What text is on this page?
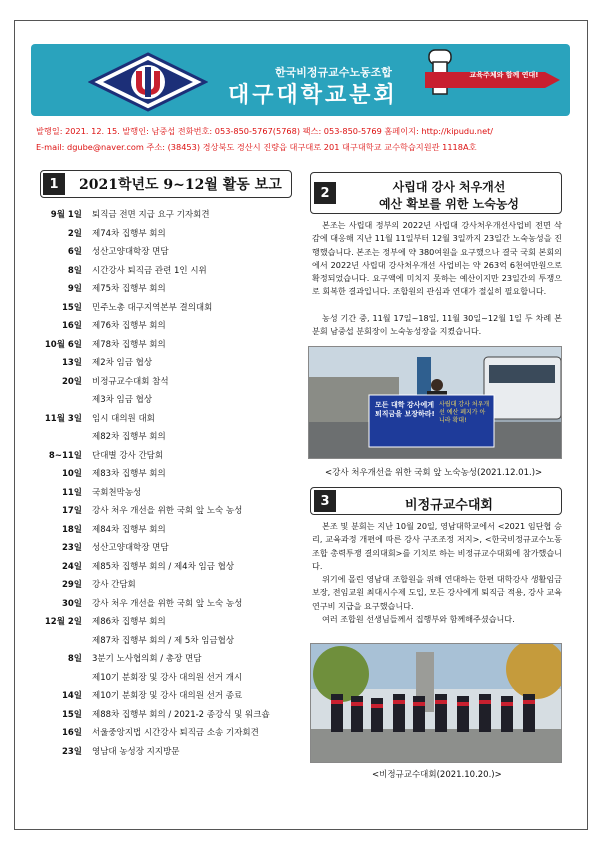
한국비정규교수노동조합
대구대학교분회
교육주체와 함께 연대!
발행일: 2021. 12. 15. 발행인: 남중섭 전화번호: 053-850-5767(5768) 팩스: 053-850-5769 홈페이지: http://kipudu.net/
E-mail: dgube@naver.com 주소: (38453) 경상북도 경산시 진량읍 대구대로 201 대구대학교 교수학습지원관 1118A호
1	2021학년도 9~12월 활동 보고
9월 1일 퇴직금 전면 지급 요구 기자회견
2일 제74차 집행부 회의
6일 성산고양대학장 면담
8일 시간강사 퇴직금 관련 1인 시위
9일 제75차 집행부 회의
15일 민주노총 대구지역본부 결의대회
16일 제76차 집행부 회의
10월 6일 제78차 집행부 회의
13일 제2차 임금 협상
20일 비정규교수대회 참석
제3차 임금 협상
11월 3일 임시 대의원 대회
제82차 집행부 회의
8~11일 단대별 강사 간담회
10일 제83차 집행부 회의
11일 국회천막농성
17일 강사 처우 개선을 위한 국회 앞 노숙 농성
18일 제84차 집행부 회의
23일 성산고양대학장 면담
24일 제85차 집행부 회의 / 제4차 임금 협상
29일 강사 간담회
30일 강사 처우 개선을 위한 국회 앞 노숙 농성
12월 2일 제86차 집행부 회의
제87차 집행부 회의 / 제 5차 임금협상
8일 3분기 노사협의회 / 총장 면담
제10기 분회장 및 강사 대의원 선거 개시
14일 제10기 분회장 및 강사 대의원 선거 종료
15일 제88차 집행부 회의 / 2021-2 종강식 및 워크숍
16일 서울중앙지법 시간강사 퇴직금 소송 기자회견
23일 영남대 농성장 지지방문
2	사립대 강사 처우개선
예산 확보를 위한 노숙농성
본조는 사립대 정부의 2022년 사립대 강사처우개선사업비 전면 삭감에 대응해 지난 11월 11일부터 12월 3일까지 23일간 노숙농성을 진행했습니다. 본조는 정부에 약 380여원을 요구했으나 결국 국회 본회의에서 2022년 사립대 강사처우개선 사업비는 약 263억 6천여만원으로 확정되었습니다. 요구액에 미치지 못하는 예산이지만 23일간의 투쟁으로 회복한 결과입니다. 조합원의 관심과 연대가 절실히 필요합니다.
농성 기간 중, 11월 17일~18일, 11월 30일~12월 1일 두 차례 본 분회 남중섭 분회장이 노숙농성장을 지켰습니다.
모든 대학 강사에게 퇴직금을 보장하라!
사립대 강사 처우개선 예산 폐지가 아니라 확대!
<강사 처우개선을 위한 국회 앞 노숙농성(2021.12.01.)>
3	비정규교수대회
본조 및 분회는 지난 10월 20일, 영남대학교에서 <2021 임단협 승리, 교육과정 개편에 따른 강사 구조조정 저지>, <한국비정규교수노동조합 총력투쟁 결의대회>를 기치로 하는 비정규교수대회에 참가했습니다.
위기에 몰린 영남대 조합원을 위해 연대하는 한편 대학강사 생활임금 보장, 전임교원 최대시수제 도입, 모든 강사에게 퇴직금 적용, 강사 교육연구비 지급을 요구했습니다.
여러 조합원 선생님들께서 집행부와 함께해주셨습니다.
<비정규교수대회(2021.10.20.)>
